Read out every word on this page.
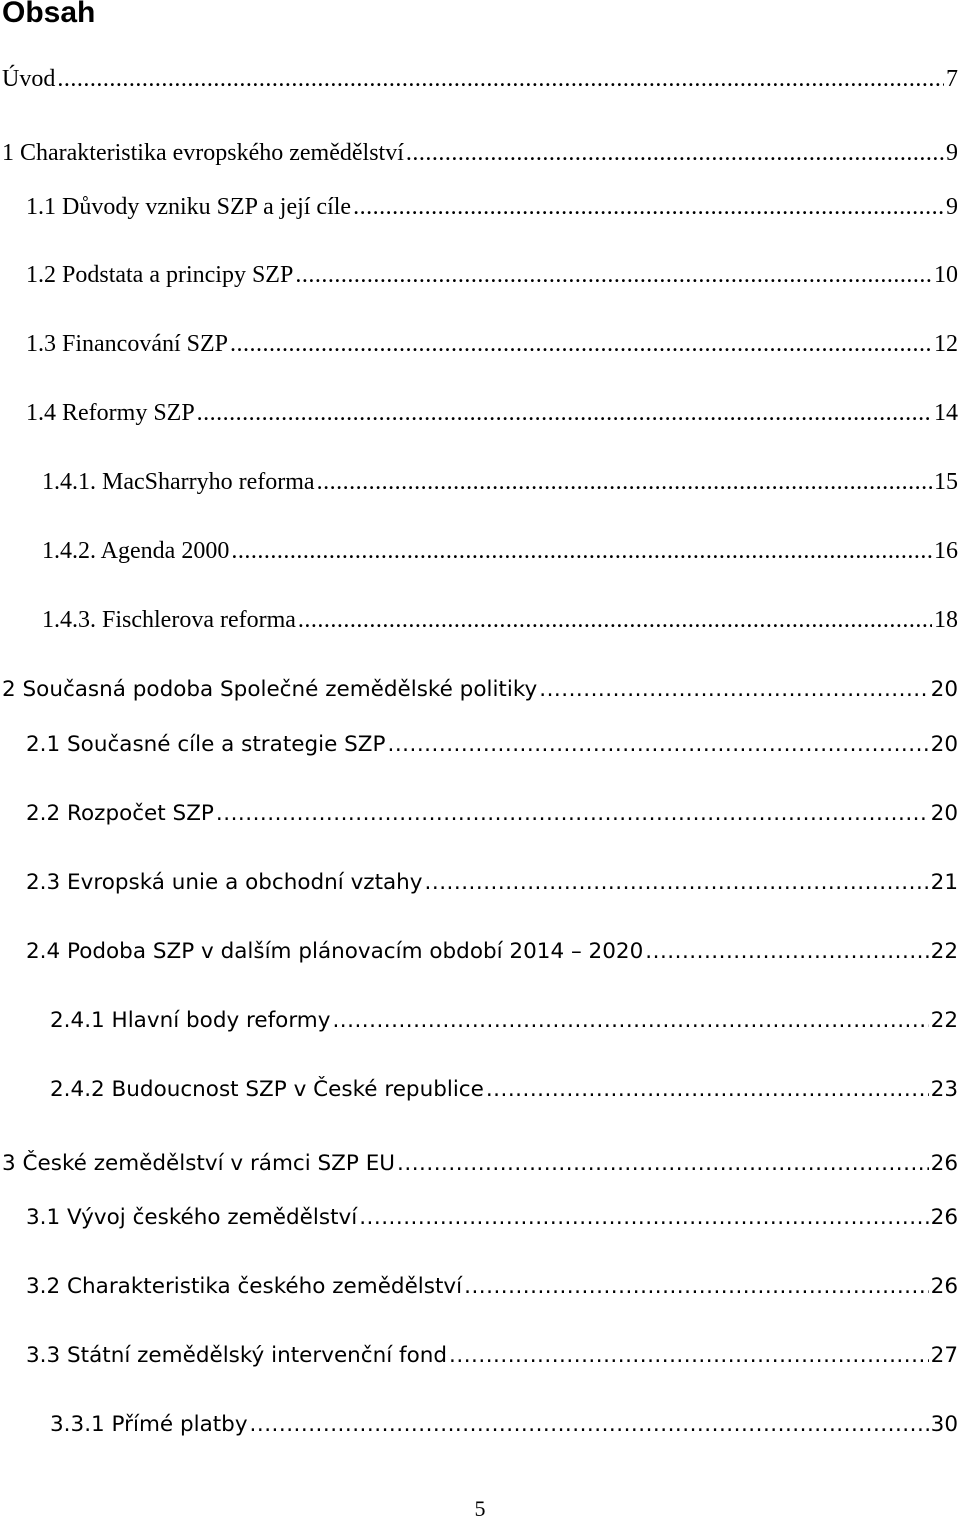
Obsah
Úvod .....	7
1 Charakteristika evropského zemědělství .....	9
1.1 Důvody vzniku SZP a její cíle .....	9
1.2 Podstata a principy SZP .....	10
1.3 Financování SZP .....	12
1.4 Reformy SZP .....	14
1.4.1. MacSharryho reforma .....	15
1.4.2. Agenda 2000 .....	16
1.4.3. Fischlerova reforma .....	18
2 Současná podoba Společné zemědělské politiky .....	20
2.1 Současné cíle a strategie SZP .....	20
2.2 Rozpočet SZP .....	20
2.3 Evropská unie a obchodní vztahy .....	21
2.4 Podoba SZP v dalším plánovacím období 2014 – 2020 .....	22
2.4.1 Hlavní body reformy .....	22
2.4.2 Budoucnost SZP v České republice .....	23
3 České zemědělství v rámci SZP EU .....	26
3.1 Vývoj českého zemědělství .....	26
3.2 Charakteristika českého zemědělství .....	26
3.3 Státní zemědělský intervenční fond .....	27
3.3.1 Přímé platby .....	30
5
